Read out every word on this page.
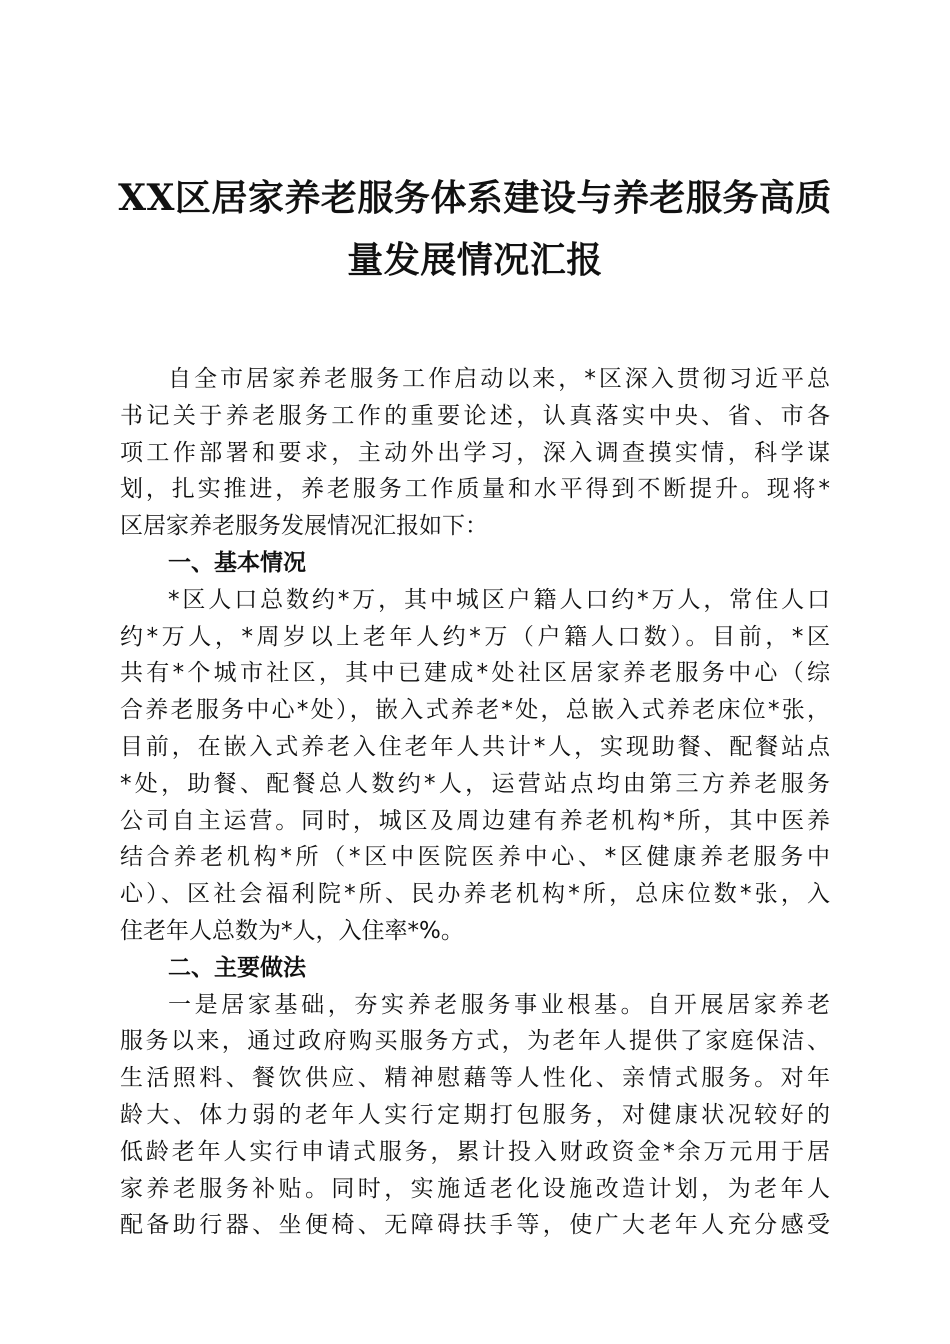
XX区居家养老服务体系建设与养老服务高质
量发展情况汇报
自全市居家养老服务工作启动以来，*区深入贯彻习近平总
书记关于养老服务工作的重要论述，认真落实中央、省、市各
项工作部署和要求，主动外出学习，深入调查摸实情，科学谋
划，扎实推进，养老服务工作质量和水平得到不断提升。现将*
区居家养老服务发展情况汇报如下：
一、基本情况
*区人口总数约*万，其中城区户籍人口约*万人，常住人口
约*万人，*周岁以上老年人约*万（户籍人口数）。目前，*区
共有*个城市社区，其中已建成*处社区居家养老服务中心（综
合养老服务中心*处），嵌入式养老*处，总嵌入式养老床位*张，
目前，在嵌入式养老入住老年人共计*人，实现助餐、配餐站点
*处，助餐、配餐总人数约*人，运营站点均由第三方养老服务
公司自主运营。同时，城区及周边建有养老机构*所，其中医养
结合养老机构*所（*区中医院医养中心、*区健康养老服务中
心）、区社会福利院*所、民办养老机构*所，总床位数*张，入
住老年人总数为*人，入住率*%。
二、主要做法
一是居家基础，夯实养老服务事业根基。自开展居家养老
服务以来，通过政府购买服务方式，为老年人提供了家庭保洁、
生活照料、餐饮供应、精神慰藉等人性化、亲情式服务。对年
龄大、体力弱的老年人实行定期打包服务，对健康状况较好的
低龄老年人实行申请式服务，累计投入财政资金*余万元用于居
家养老服务补贴。同时，实施适老化设施改造计划，为老年人
配备助行器、坐便椅、无障碍扶手等，使广大老年人充分感受
